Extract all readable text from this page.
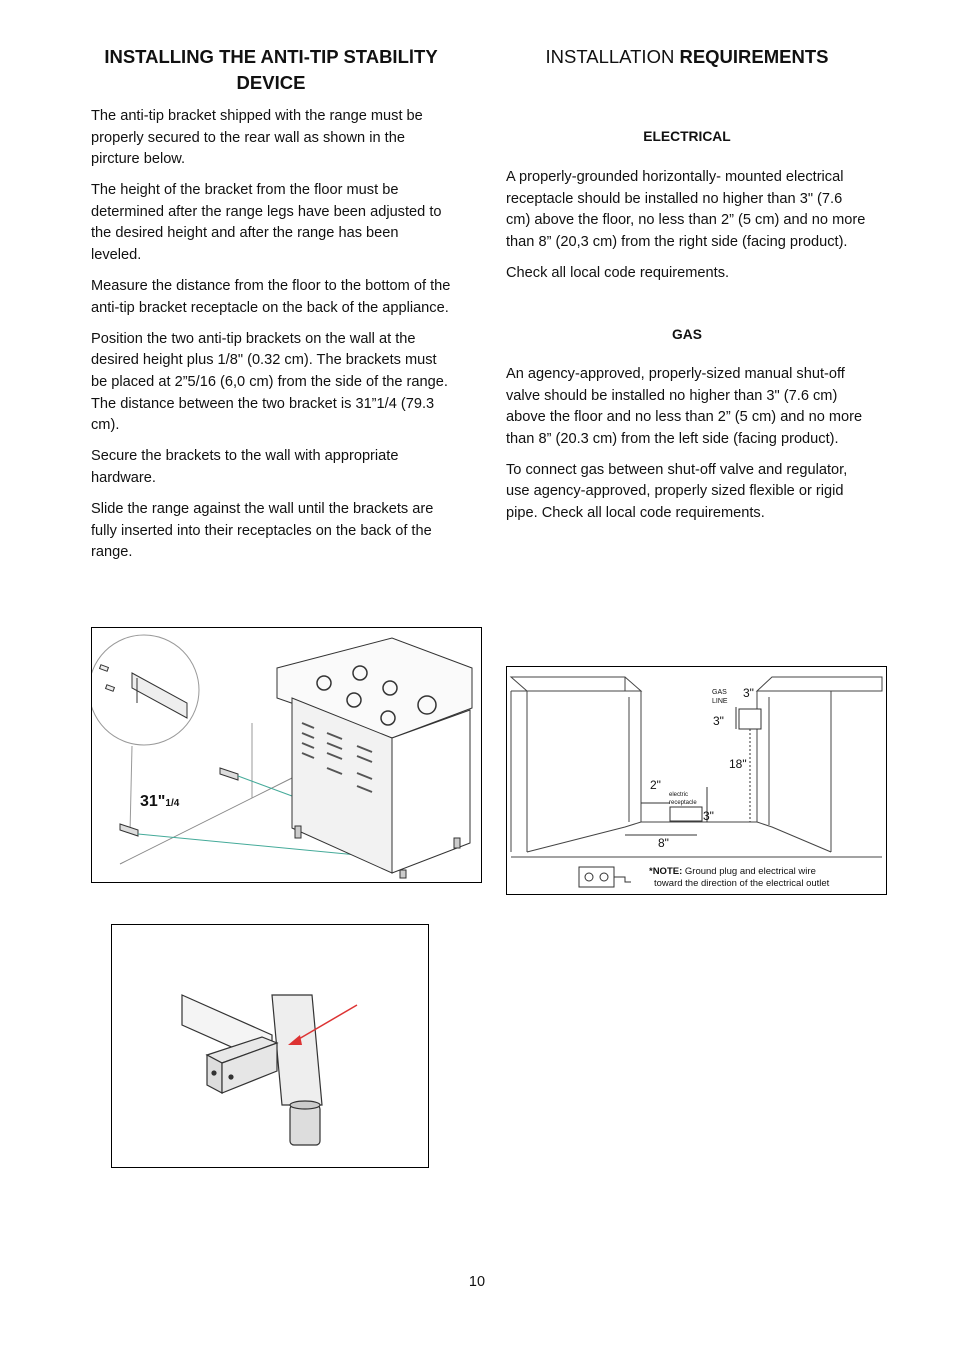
INSTALLING THE ANTI-TIP STABILlTY DEVICE

The anti-tip bracket shipped with the range must be properly secured to the rear wall as shown in the pircture below.

The height of the bracket from the floor must be determined after the range legs have been adjusted to the desired height and after the range has been leveled.

Measure the distance from the floor to the bottom of the anti-tip bracket receptacle on the back of the appliance.

Position the two anti-tip brackets on the wall at the desired height plus 1/8" (0.32 cm). The brackets must be placed at 2”5/16 (6,0 cm) from the side of the range. The distance between the two bracket is 31”1/4 (79.3 cm).

Secure the brackets to the wall with appropriate hardware.

Slide the range against the wall until the brackets are fully inserted into their receptacles on the back of the range.

INSTALLATION REQUIREMENTS
ELECTRICAL

A properly-grounded horizontally- mounted electrical receptacle should be installed no higher than 3" (7.6 cm) above the floor, no less than 2” (5 cm) and no more than 8” (20,3 cm) from the right side (facing product).

Check all local code requirements.

GAS

An agency-approved, properly-sized manual shut-off valve should be installed no higher than 3" (7.6 cm) above the floor and no less than 2” (5 cm) and no more than 8” (20.3 cm) from the left side (facing product).

To connect gas between shut-off valve and regulator, use agency-approved, properly sized flexible or rigid pipe. Check all local code requirements.

31"1/4
GAS
LINE
3"
3"
18"
2"
electric
receptacle
3"
8"
*NOTE: Ground plug and electrical wire
toward the direction of the electrical outlet
10
